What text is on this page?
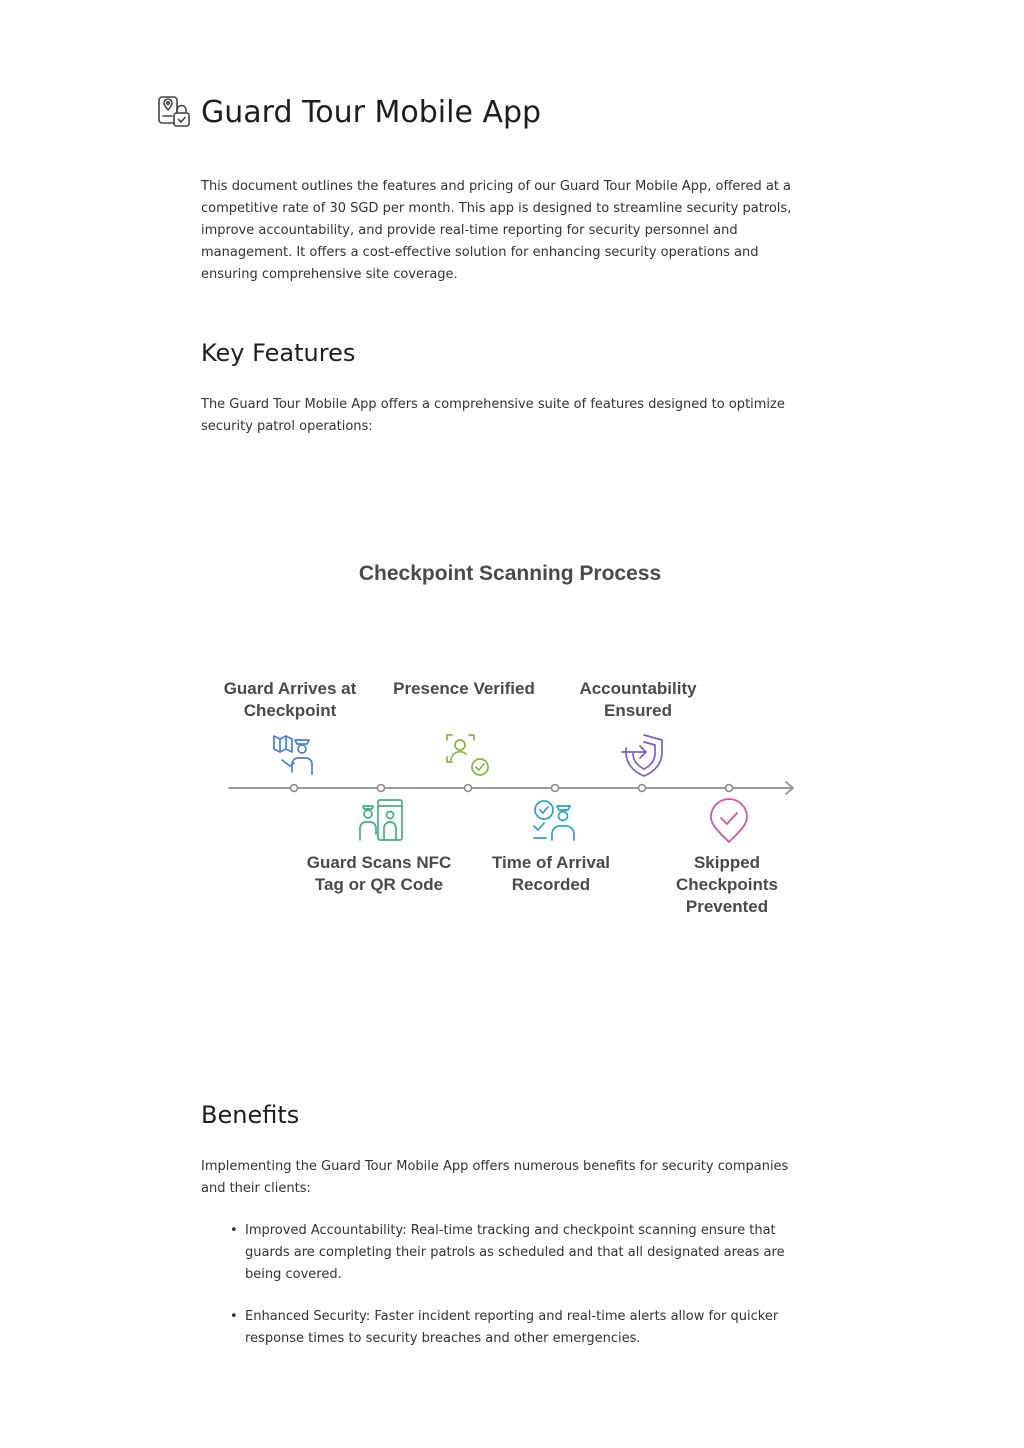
Guard Tour Mobile App

This document outlines the features and pricing of our Guard Tour Mobile App, offered at a competitive rate of 30 SGD per month. This app is designed to streamline security patrols, improve accountability, and provide real-time reporting for security personnel and management. It offers a cost-effective solution for enhancing security operations and ensuring comprehensive site coverage.

Key Features

The Guard Tour Mobile App offers a comprehensive suite of features designed to optimize security patrol operations:

Checkpoint Scanning Process
Guard Arrives at Checkpoint
Guard Scans NFC Tag or QR Code
Presence Verified
Time of Arrival Recorded
Accountability Ensured
Skipped Checkpoints Prevented
Benefits

Implementing the Guard Tour Mobile App offers numerous benefits for security companies and their clients:

• Improved Accountability: Real-time tracking and checkpoint scanning ensure that guards are completing their patrols as scheduled and that all designated areas are being covered.
• Enhanced Security: Faster incident reporting and real-time alerts allow for quicker response times to security breaches and other emergencies.
